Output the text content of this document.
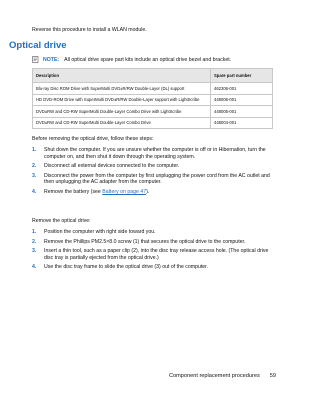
Reverse this procedure to install a WLAN module.
Optical drive
NOTE: All optical drive spare part kits include an optical drive bezel and bracket.
Description	Spare part number
Blu-ray Disc ROM Drive with SuperMulti DVD±R/RW Double-Layer (DL) support	462306-001
HD DVD-ROM Drive with SuperMulti DVD±R/RW Double-Layer support with LightScribe	448006-001
DVD±RW and CD-RW SuperMulti Double-Layer Combo Drive with LightScribe	448005-001
DVD±RW and CD-RW SuperMulti Double-Layer Combo Drive	448004-001
Before removing the optical drive, follow these steps:
1. Shut down the computer. If you are unsure whether the computer is off or in Hibernation, turn the computer on, and then shut it down through the operating system.
2. Disconnect all external devices connected to the computer.
3. Disconnect the power from the computer by first unplugging the power cord from the AC outlet and then unplugging the AC adapter from the computer.
4. Remove the battery (see Battery on page 47).
Remove the optical drive:
1. Position the computer with right side toward you.
2. Remove the Phillips PM2.5×8.0 screw (1) that secures the optical drive to the computer.
3. Insert a thin tool, such as a paper clip (2), into the disc tray release access hole. (The optical drive disc tray is partially ejected from the optical drive.)
4. Use the disc tray frame to slide the optical drive (3) out of the computer.
Component replacement procedures 59
